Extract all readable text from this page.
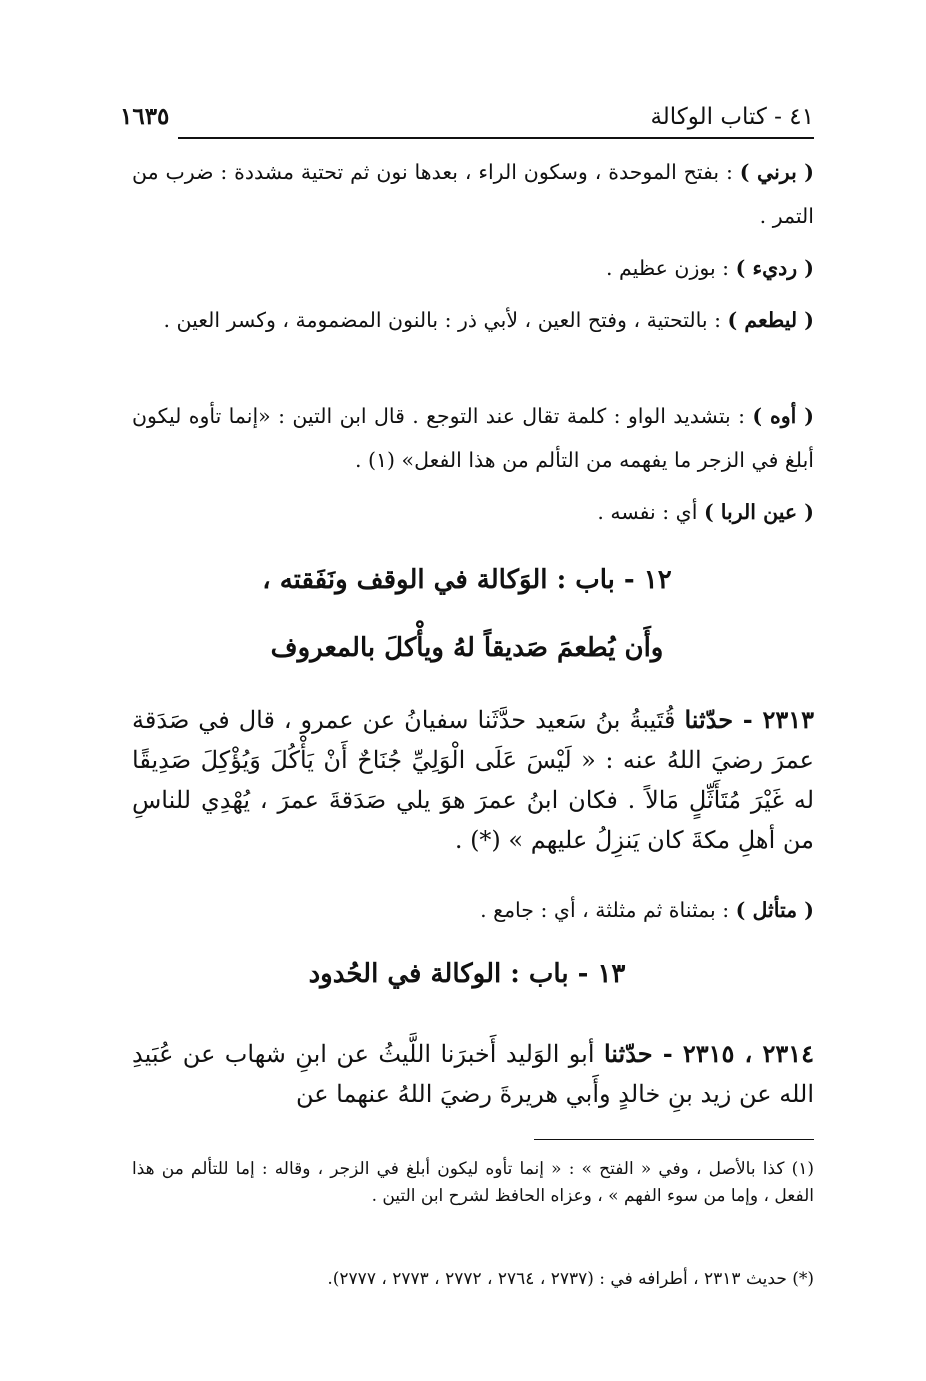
٤١ - كتاب الوكالة
١٦٣٥
( برني ) : بفتح الموحدة ، وسكون الراء ، بعدها نون ثم تحتية مشددة : ضرب من التمر .
( رديء ) : بوزن عظيم .
( ليطعم ) : بالتحتية ، وفتح العين ، لأبي ذر : بالنون المضمومة ، وكسر العين .
( أوه ) : بتشديد الواو : كلمة تقال عند التوجع . قال ابن التين : «إنما تأوه ليكون أبلغ في الزجر ما يفهمه من التألم من هذا الفعل» (١) .
( عين الربا ) أي : نفسه .
١٢ - باب : الوَكالة في الوقف ونَفَقته ،
وأَن يُطعمَ صَديقاً لهُ ويأْكلَ بالمعروف
٢٣١٣ - حدّثنا قُتَيبةُ بنُ سَعيد حدَّثَنا سفيانُ عن عمرو ، قال في صَدَقة عمرَ رضيَ اللهُ عنه : « لَيْسَ عَلَى الْوَلِيِّ جُنَاحٌ أَنْ يَأْكُلَ وَيُؤْكِلَ صَدِيقًا له غَيْرَ مُتَأَثِّلٍ مَالاً . فكان ابنُ عمرَ هوَ يلي صَدَقةَ عمرَ ، يُهْدِي للناسِ من أهلِ مكةَ كان يَنزِلُ عليهم » (*) .
( متأثل ) : بمثناة ثم مثلثة ، أي : جامع .
١٣ - باب : الوكالة في الحُدود
٢٣١٤ ، ٢٣١٥ - حدّثنا أبو الوَليد أَخبرَنا اللَّيثُ عن ابنِ شهاب عن عُبَيدِ الله عن زيد بنِ خالدٍ وأَبي هريرةَ رضيَ اللهُ عنهما عن
(١) كذا بالأصل ، وفي « الفتح » : « إنما تأوه ليكون أبلغ في الزجر ، وقاله : إما للتألم من هذا الفعل ، وإما من سوء الفهم » ، وعزاه الحافظ لشرح ابن التين .
(*) حديث ٢٣١٣ ، أطرافه في : (٢٧٣٧ ، ٢٧٦٤ ، ٢٧٧٢ ، ٢٧٧٣ ، ٢٧٧٧).
